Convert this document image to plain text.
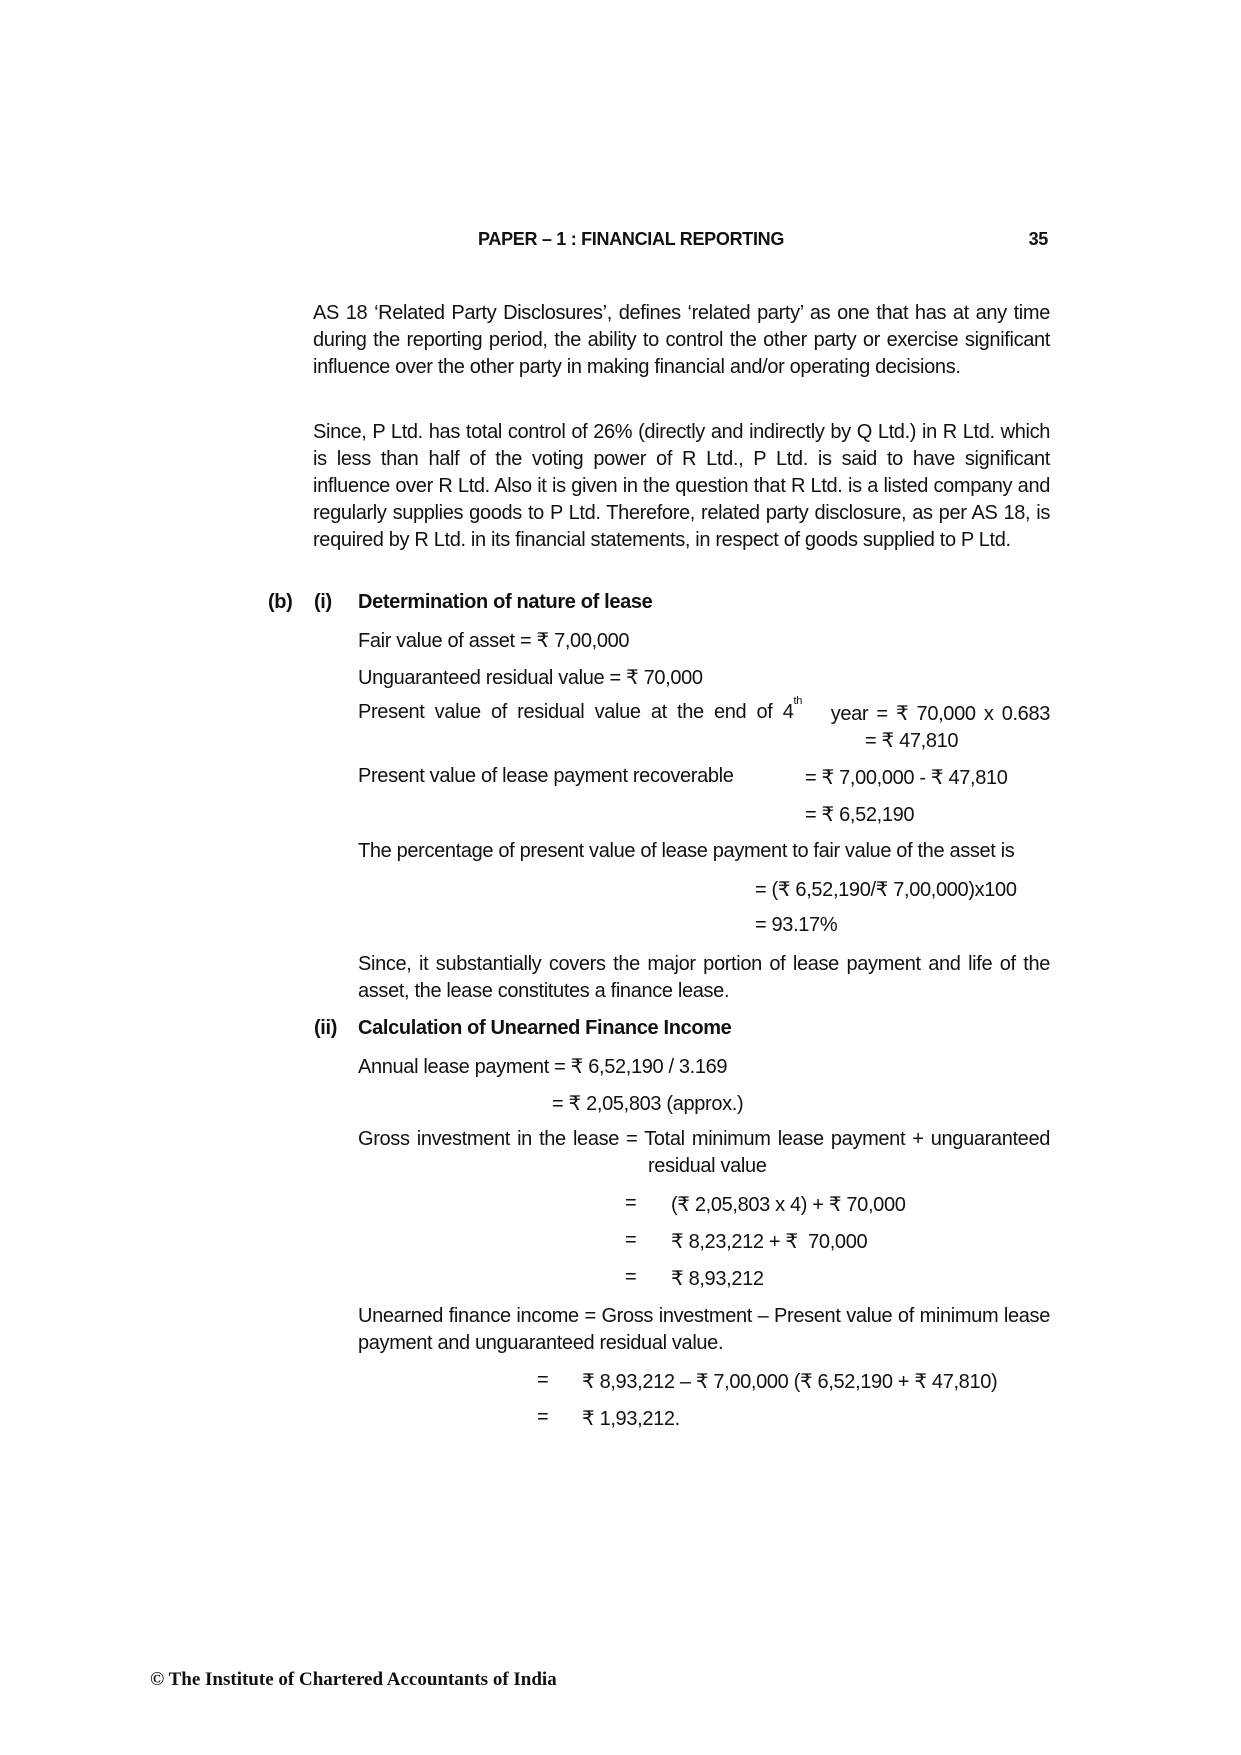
PAPER – 1 : FINANCIAL REPORTING	35
AS 18 ‘Related Party Disclosures’, defines ‘related party’ as one that has at any time during the reporting period, the ability to control the other party or exercise significant influence over the other party in making financial and/or operating decisions.
Since, P Ltd. has total control of 26% (directly and indirectly by Q Ltd.) in R Ltd. which is less than half of the voting power of R Ltd., P Ltd. is said to have significant influence over R Ltd. Also it is given in the question that R Ltd. is a listed company and regularly supplies goods to P Ltd. Therefore, related party disclosure, as per AS 18, is required by R Ltd. in its financial statements, in respect of goods supplied to P Ltd.
(b) (i) Determination of nature of lease
Fair value of asset = ₹ 7,00,000
Unguaranteed residual value = ₹ 70,000
Present value of residual value at the end of 4 th
year = ₹ 70,000 x 0.683
= ₹ 47,810
Present value of lease payment recoverable	= ₹ 7,00,000 - ₹ 47,810
= ₹ 6,52,190
The percentage of present value of lease payment to fair value of the asset is
= (₹ 6,52,190/₹ 7,00,000)x100
= 93.17%
Since, it substantially covers the major portion of lease payment and life of the asset, the lease constitutes a finance lease.
(ii) Calculation of Unearned Finance Income
Annual lease payment = ₹ 6,52,190 / 3.169
= ₹ 2,05,803 (approx.)
Gross investment in the lease = Total minimum lease payment + unguaranteed
residual value
= (₹ 2,05,803 x 4) + ₹ 70,000
= ₹ 8,23,212 + ₹  70,000
= ₹ 8,93,212
Unearned finance income = Gross investment – Present value of minimum lease payment and unguaranteed residual value.
= ₹ 8,93,212 – ₹ 7,00,000 (₹ 6,52,190 + ₹ 47,810)
= ₹ 1,93,212.
© The Institute of Chartered Accountants of India
